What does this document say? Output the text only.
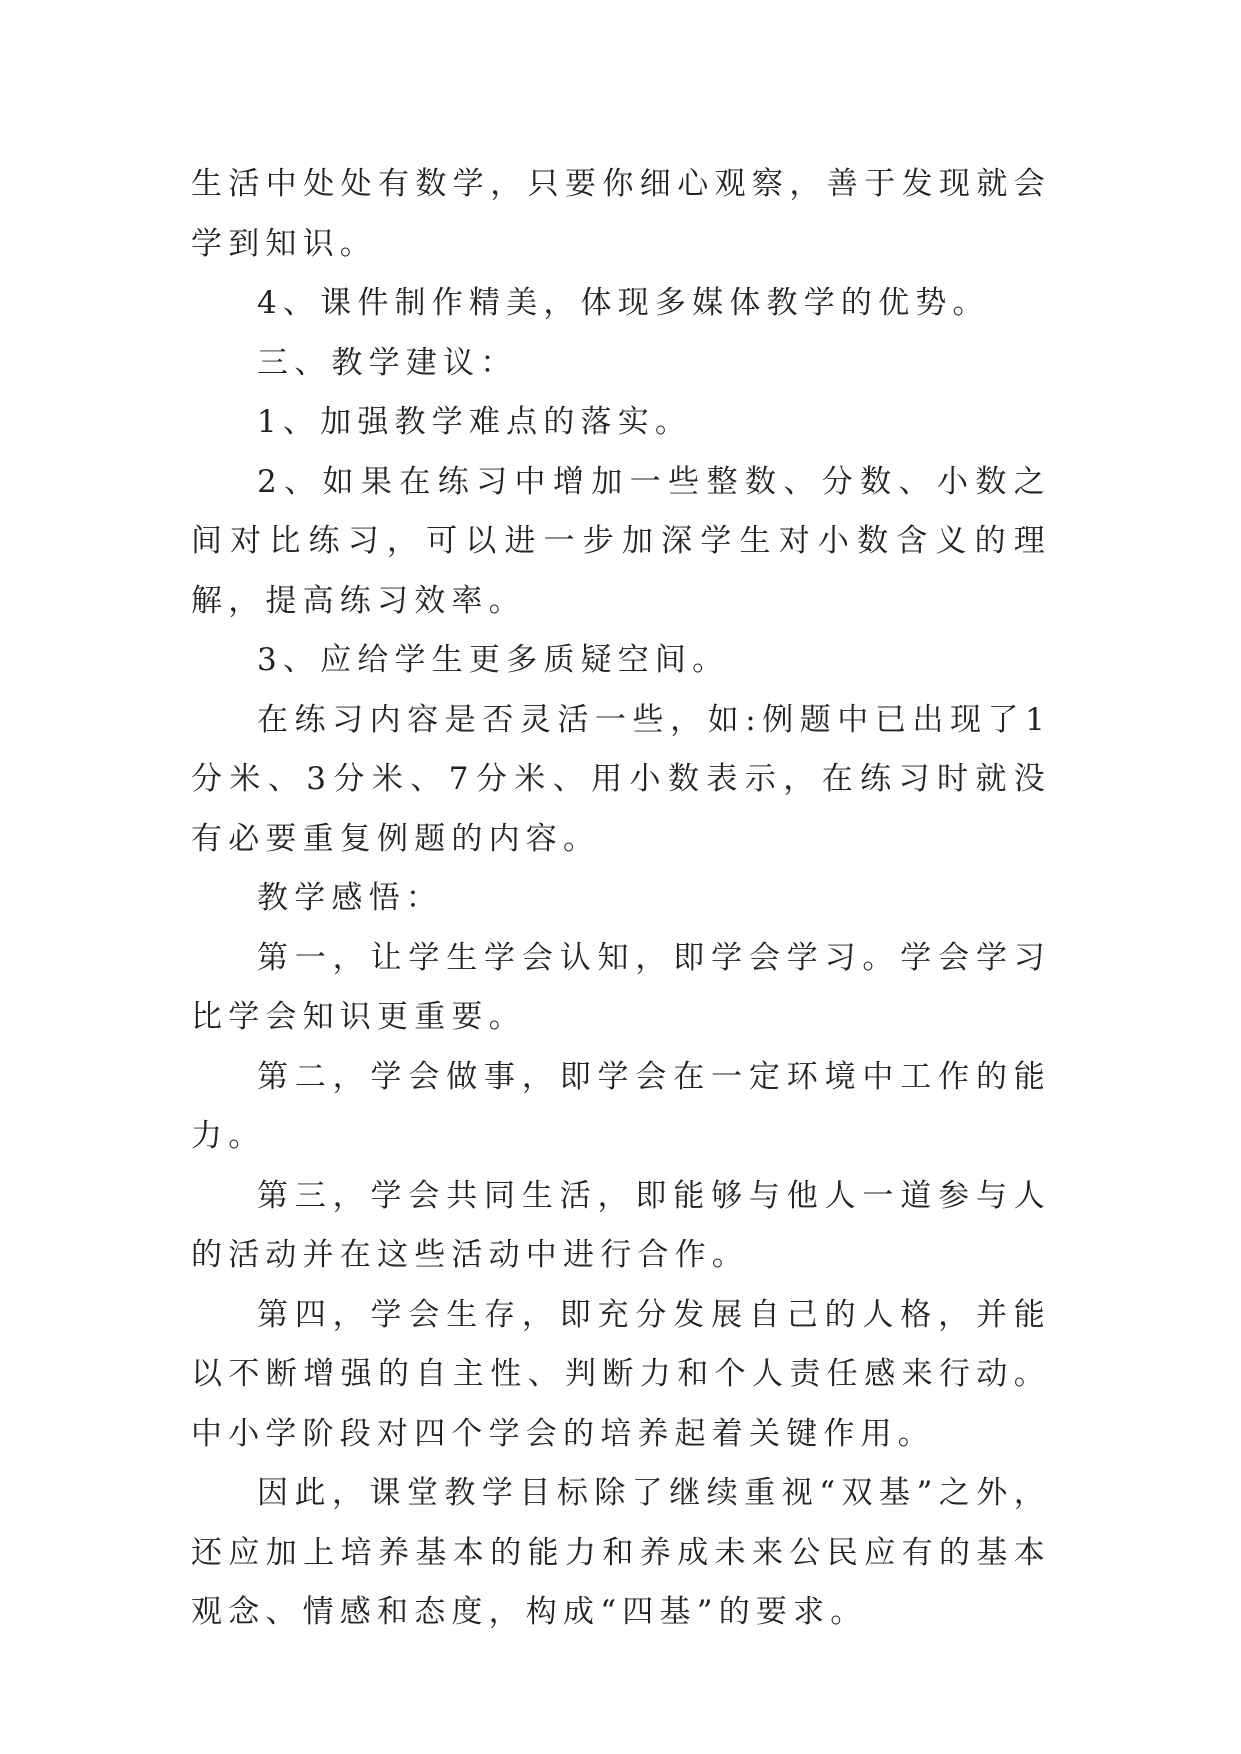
生活中处处有数学，只要你细心观察，善于发现就会学到知识。

4、课件制作精美，体现多媒体教学的优势。

三、教学建议：

1、加强教学难点的落实。

2、如果在练习中增加一些整数、分数、小数之间对比练习，可以进一步加深学生对小数含义的理解，提高练习效率。

3、应给学生更多质疑空间。

在练习内容是否灵活一些，如:例题中已出现了1分米、3分米、7分米、用小数表示，在练习时就没有必要重复例题的内容。

教学感悟：

第一，让学生学会认知，即学会学习。学会学习比学会知识更重要。

第二，学会做事，即学会在一定环境中工作的能力。

第三，学会共同生活，即能够与他人一道参与人的活动并在这些活动中进行合作。

第四，学会生存，即充分发展自己的人格，并能以不断增强的自主性、判断力和个人责任感来行动。中小学阶段对四个学会的培养起着关键作用。

因此，课堂教学目标除了继续重视“双基”之外，还应加上培养基本的能力和养成未来公民应有的基本观念、情感和态度，构成“四基”的要求。
